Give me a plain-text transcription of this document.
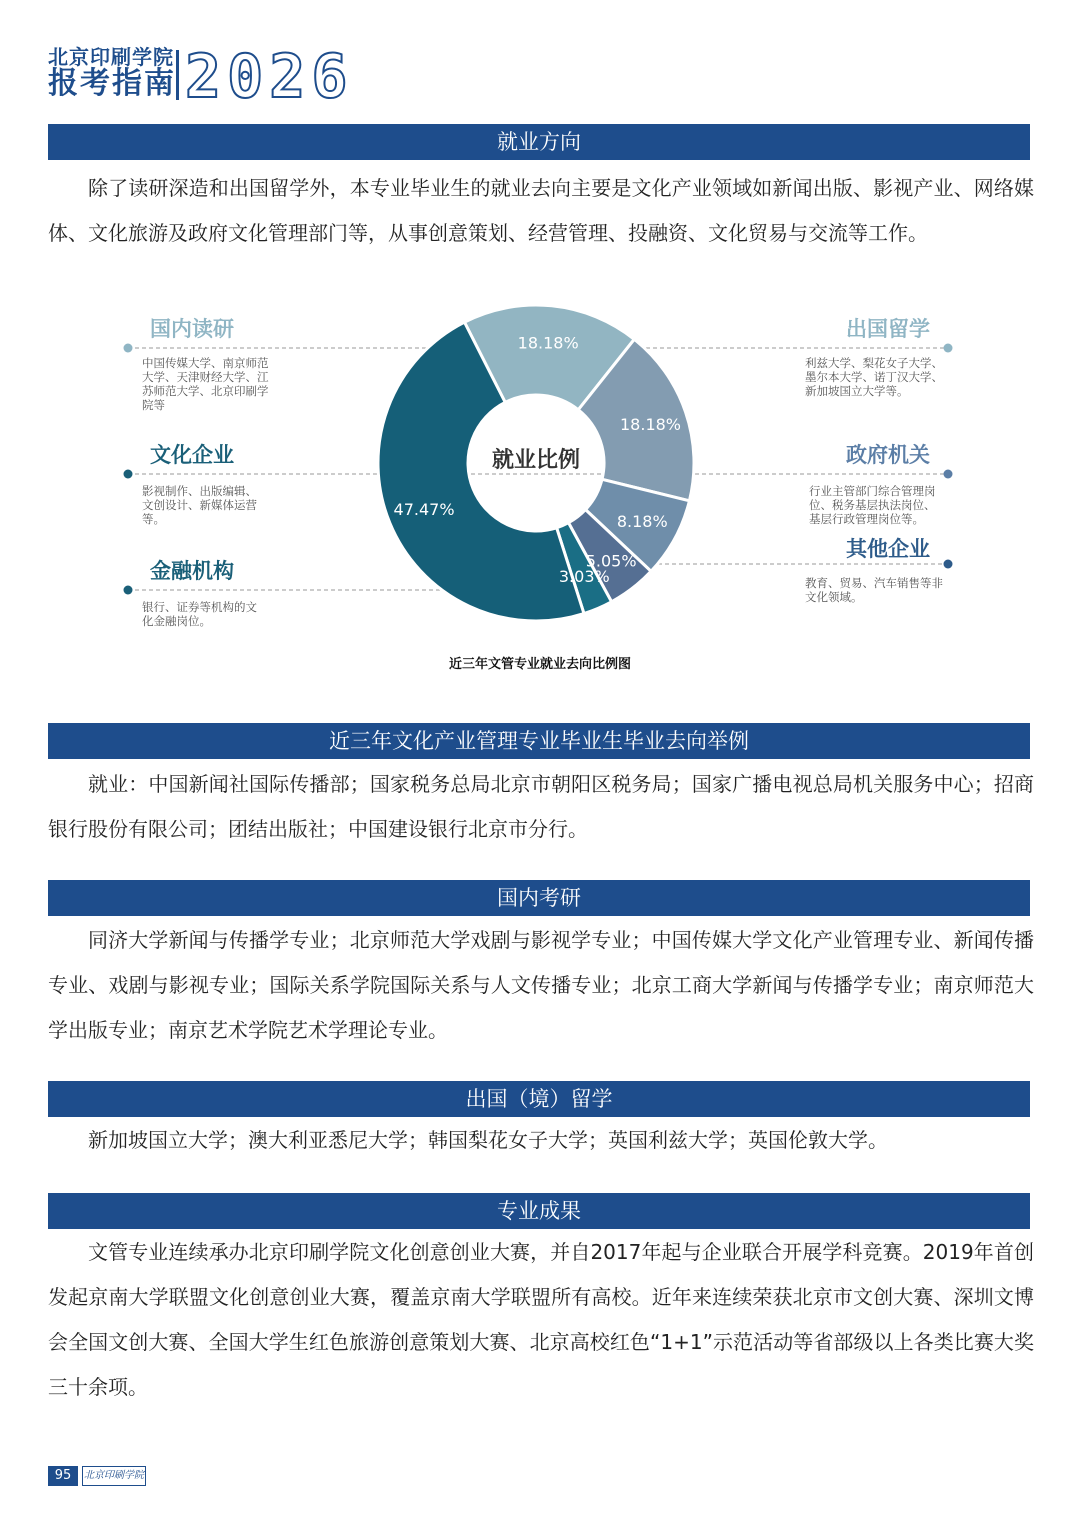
北京印刷学院
报考指南 2026
就业方向
除了读研深造和出国留学外，本专业毕业生的就业去向主要是文化产业领域如新闻出版、影视产业、网络媒体、文化旅游及政府文化管理部门等，从事创意策划、经营管理、投融资、文化贸易与交流等工作。
18.18%
18.18%
8.18%
5.05%
3.03%
47.47%
就业比例
国内读研
中国传媒大学、南京师范
大学、天津财经大学、江
苏师范大学、北京印刷学
院等
文化企业
影视制作、出版编辑、
文创设计、新媒体运营
等。
金融机构
银行、证券等机构的文
化金融岗位。
出国留学
利兹大学、梨花女子大学、
墨尔本大学、诺丁汉大学、
新加坡国立大学等。
政府机关
行业主管部门综合管理岗
位、税务基层执法岗位、
基层行政管理岗位等。
其他企业
教育、贸易、汽车销售等非
文化领域。
近三年文管专业就业去向比例图
近三年文化产业管理专业毕业生毕业去向举例
就业：中国新闻社国际传播部；国家税务总局北京市朝阳区税务局；国家广播电视总局机关服务中心；招商银行股份有限公司；团结出版社；中国建设银行北京市分行。
国内考研
同济大学新闻与传播学专业；北京师范大学戏剧与影视学专业；中国传媒大学文化产业管理专业、新闻传播专业、戏剧与影视专业；国际关系学院国际关系与人文传播专业；北京工商大学新闻与传播学专业；南京师范大学出版专业；南京艺术学院艺术学理论专业。
出国（境）留学
新加坡国立大学；澳大利亚悉尼大学；韩国梨花女子大学；英国利兹大学；英国伦敦大学。
专业成果
文管专业连续承办北京印刷学院文化创意创业大赛，并自2017年起与企业联合开展学科竞赛。2019年首创发起京南大学联盟文化创意创业大赛，覆盖京南大学联盟所有高校。近年来连续荣获北京市文创大赛、深圳文博会全国文创大赛、全国大学生红色旅游创意策划大赛、北京高校红色“1+1”示范活动等省部级以上各类比赛大奖三十余项。
95	北京印刷学院
